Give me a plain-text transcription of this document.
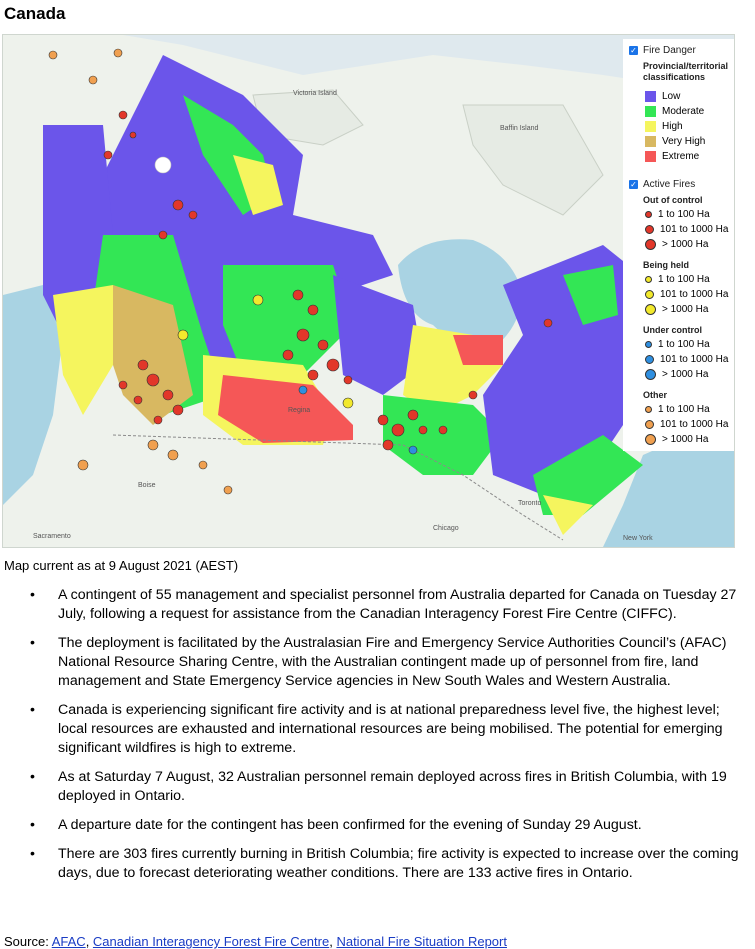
Canada
Victoria Island
Baffin Island
Regina
Boise
Sacramento	New York
Toronto
Chicago
✓ Fire Danger
Provincial/territorial classifications
Low
Moderate
High
Very High
Extreme
✓ Active Fires
Out of control
1 to 100 Ha
101 to 1000 Ha
> 1000 Ha
Being held
1 to 100 Ha
101 to 1000 Ha
> 1000 Ha
Under control
1 to 100 Ha
101 to 1000 Ha
> 1000 Ha
Other
1 to 100 Ha
101 to 1000 Ha
> 1000 Ha
Map current as at 9 August 2021 (AEST)
• A contingent of 55 management and specialist personnel from Australia departed for Canada on Tuesday 27 July, following a request for assistance from the Canadian Interagency Forest Fire Centre (CIFFC).
• The deployment is facilitated by the Australasian Fire and Emergency Service Authorities Council’s (AFAC) National Resource Sharing Centre, with the Australian contingent made up of personnel from fire, land management and State Emergency Service agencies in New South Wales and Western Australia.
• Canada is experiencing significant fire activity and is at national preparedness level five, the highest level; local resources are exhausted and international resources are being mobilised. The potential for emerging significant wildfires is high to extreme.
• As at Saturday 7 August, 32 Australian personnel remain deployed across fires in British Columbia, with 19 deployed in Ontario.
• A departure date for the contingent has been confirmed for the evening of Sunday 29 August.
• There are 303 fires currently burning in British Columbia; fire activity is expected to increase over the coming days, due to forecast deteriorating weather conditions. There are 133 active fires in Ontario.
Source: AFAC, Canadian Interagency Forest Fire Centre, National Fire Situation Report
